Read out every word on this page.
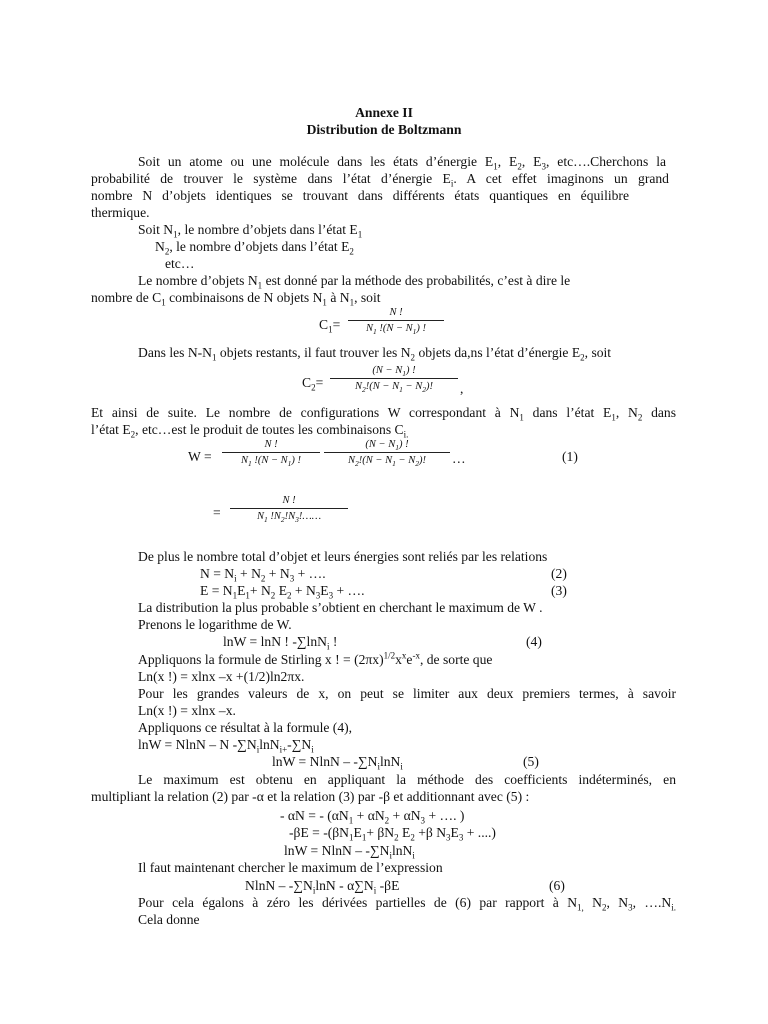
Annexe II
Distribution de Boltzmann
Soit un atome ou une molécule dans les états d’énergie $E_1$, $E_2$, $E_3$, etc….Cherchons la
probabilité de trouver le système dans l’état d’énergie $E_i$. A cet effet imaginons un grand
nombre N d’objets identiques se trouvant dans différents états quantiques en équilibre
thermique.
Soit $N_1$, le nombre d’objets dans l’état $E_1$
$N_2$, le nombre d’objets dans l’état $E_2$
etc…
Le nombre d’objets $N_1$ est donné par la méthode des probabilités, c’est à dire le
nombre de $C_1$ combinaisons de N objets $N_1$ à $N_1$, soit
$C_1=$
N !
$N_1$ $!(N - N_1)$ !
Dans les $N-N_1$ objets restants, il faut trouver les $N_2$ objets da,ns l’état d’énergie $E_2$, soit
$C_2=$
$(N - N_1)$ !
$N_2!(N - N_1 - N_2)$!	,
Et ainsi de suite. Le nombre de configurations W correspondant à $N_1$ dans l’état $E_1$, $N_2$ dans
l’état $E_2$, etc…est le produit de toutes les combinaisons $C_{i.}$
W =
N !
$N_1$ $!(N - N_1)$ !
$(N - N_1)$ !
$N_2!(N - N_1 - N_2)$!	…	(1)
=
N !
$N_1$ $!N_2!N_3!\dots\dots$
De plus le nombre total d’objet et leurs énergies sont reliés par les relations
$N = N_i + N_2 + N_3$ + ….	(2)
$E = N_1E_1+ N_2$ $E_2 + N_3E_3$ + ….	(3)
La distribution la plus probable s’obtient en cherchant le maximum de W .
Prenons le logarithme de W.
lnW = lnN ! -∑lnN$_i$ !	(4)
Appliquons la formule de Stirling x ! = $(2\pi x)^{1/2}x^xe^{-x}$, de sorte que
Ln(x !) = xlnx –x +(1/2)ln2πx.
Pour les grandes valeurs de x, on peut se limiter aux deux premiers termes, à savoir
Ln(x !) = xlnx –x.
Appliquons ce résultat à la formule (4),
lnW = NlnN – N $-\sum N_i\ln N_{i+}-\sum N_i$
$\ln W = NlnN - -\sum N_i\ln N_i$	(5)
Le maximum est obtenu en appliquant la méthode des coefficients indéterminés, en
multipliant la relation (2) par -α et la relation (3) par -β et additionnant avec (5) :
- αN = - ($\alpha N_1 + \alpha N_2 + \alpha N_3$ + …. )
$-\beta E = -(\beta N_1E_1+ \beta N_2$ $E_2 +\beta$ $N_3E_3$ + ....)
$\ln W = NlnN - -\sum N_i\ln N_i$
Il faut maintenant chercher le maximum de l’expression
NlnN – $-\sum N_i\ln N - \alpha\sum N_i$ -βE	(6)
Pour cela égalons à zéro les dérivées partielles de (6) par rapport à $N_{1,}$ $N_2$, $N_3$, $\dots.N_{i.}$
Cela donne
